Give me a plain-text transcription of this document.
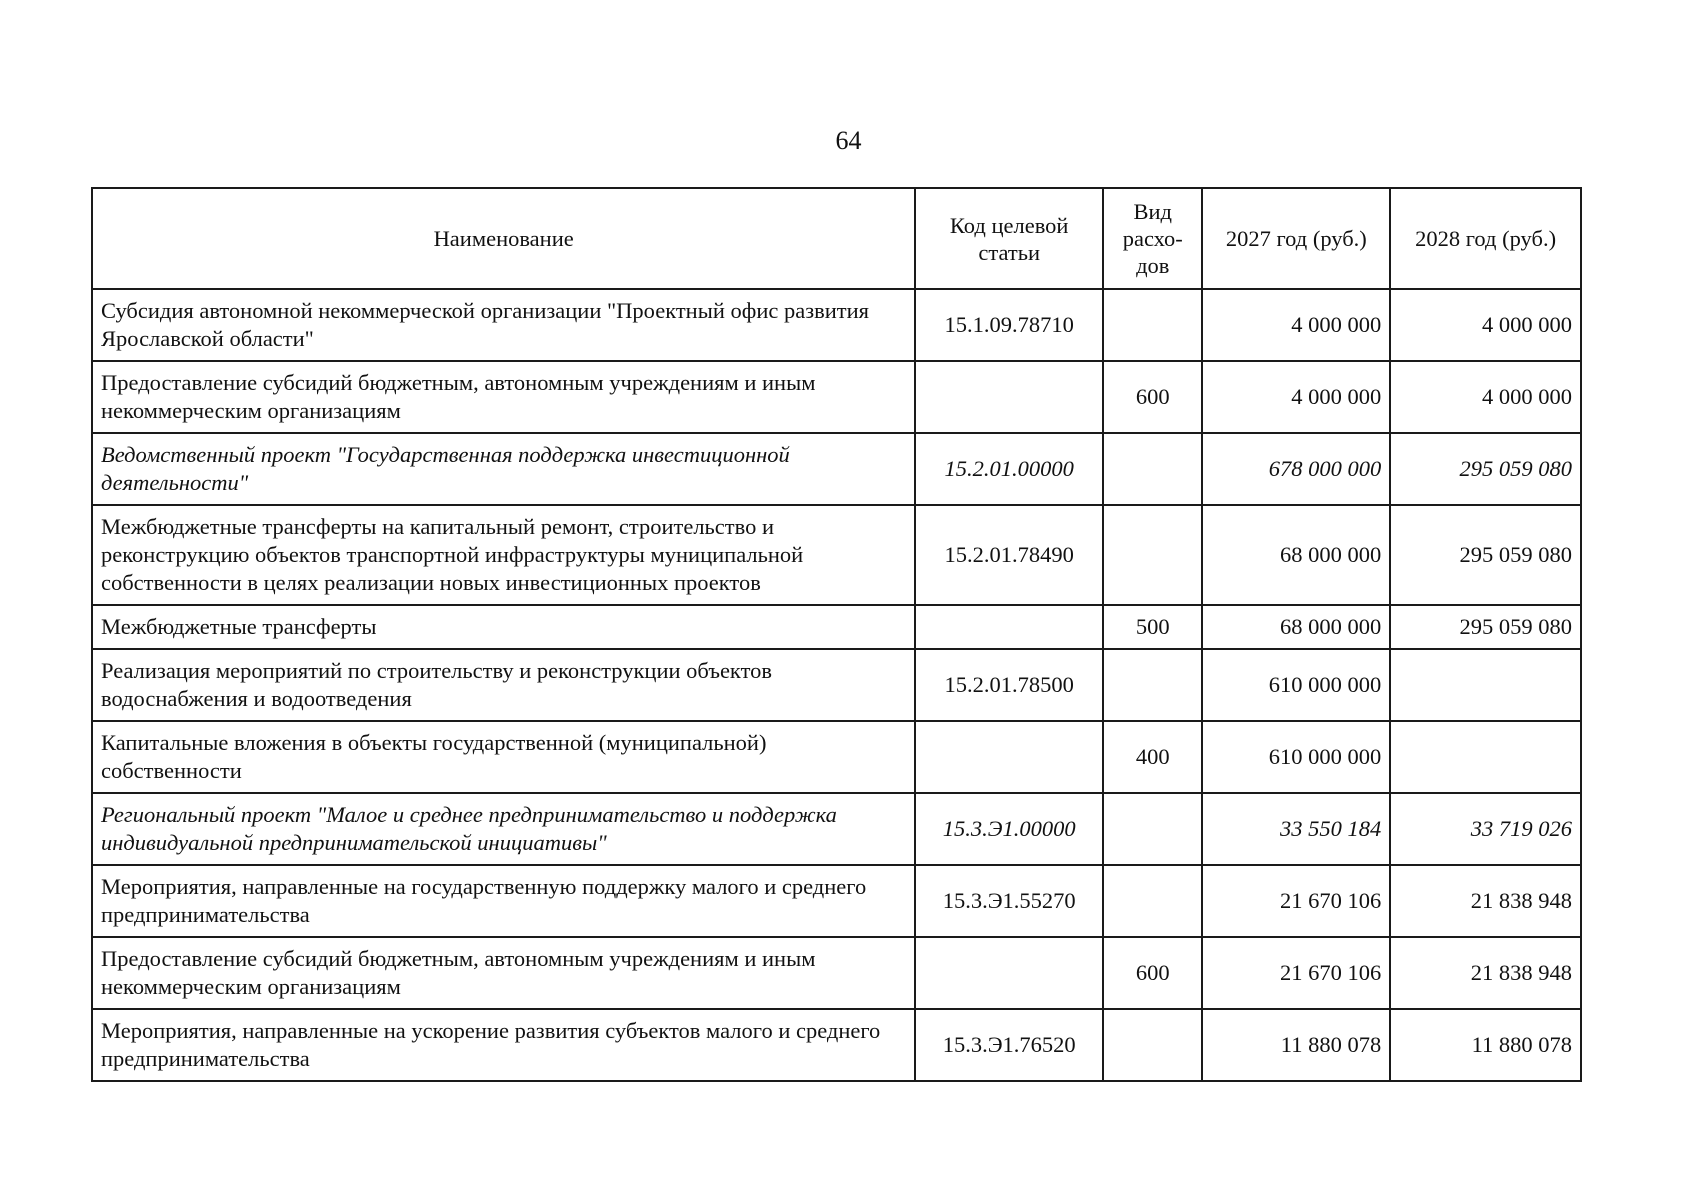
64
Наименование	Код целевой статьи	Вид расхо-дов	2027 год (руб.)	2028 год (руб.)
Субсидия автономной некоммерческой организации "Проектный офис развития Ярославской области"	15.1.09.78710		4 000 000	4 000 000
Предоставление субсидий бюджетным, автономным учреждениям и иным некоммерческим организациям		600	4 000 000	4 000 000
Ведомственный проект "Государственная поддержка инвестиционной деятельности"	15.2.01.00000		678 000 000	295 059 080
Межбюджетные трансферты на капитальный ремонт, строительство и реконструкцию объектов транспортной инфраструктуры муниципальной собственности в целях реализации новых инвестиционных проектов	15.2.01.78490		68 000 000	295 059 080
Межбюджетные трансферты		500	68 000 000	295 059 080
Реализация мероприятий по строительству и реконструкции объектов водоснабжения и водоотведения	15.2.01.78500		610 000 000	
Капитальные вложения в объекты государственной (муниципальной) собственности		400	610 000 000	
Региональный проект "Малое и среднее предпринимательство и поддержка индивидуальной предпринимательской инициативы"	15.3.Э1.00000		33 550 184	33 719 026
Мероприятия, направленные на государственную поддержку малого и среднего предпринимательства	15.3.Э1.55270		21 670 106	21 838 948
Предоставление субсидий бюджетным, автономным учреждениям и иным некоммерческим организациям		600	21 670 106	21 838 948
Мероприятия, направленные на ускорение развития субъектов малого и среднего предпринимательства	15.3.Э1.76520		11 880 078	11 880 078
